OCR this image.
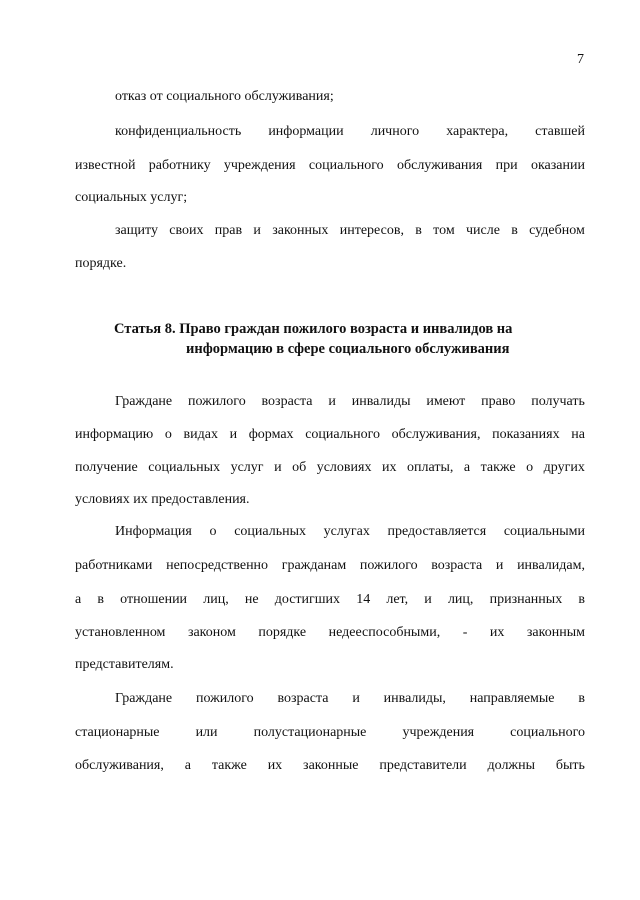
7
отказ от социального обслуживания;
конфиденциальность информации личного характера, ставшей
известной работнику учреждения социального обслуживания при оказании
социальных услуг;
защиту своих прав и законных интересов, в том числе в судебном
порядке.
Статья 8. Право граждан пожилого возраста и инвалидов на
информацию в сфере социального обслуживания
Граждане пожилого возраста и инвалиды имеют право получать
информацию о видах и формах социального обслуживания, показаниях на
получение социальных услуг и об условиях их оплаты, а также о других
условиях их предоставления.
Информация о социальных услугах предоставляется социальными
работниками непосредственно гражданам пожилого возраста и инвалидам,
а в отношении лиц, не достигших 14 лет, и лиц, признанных в
установленном законом порядке недееспособными, - их законным
представителям.
Граждане пожилого возраста и инвалиды, направляемые в
стационарные	или	полустационарные	учреждения	социального
обслуживания, а также их законные представители должны быть
